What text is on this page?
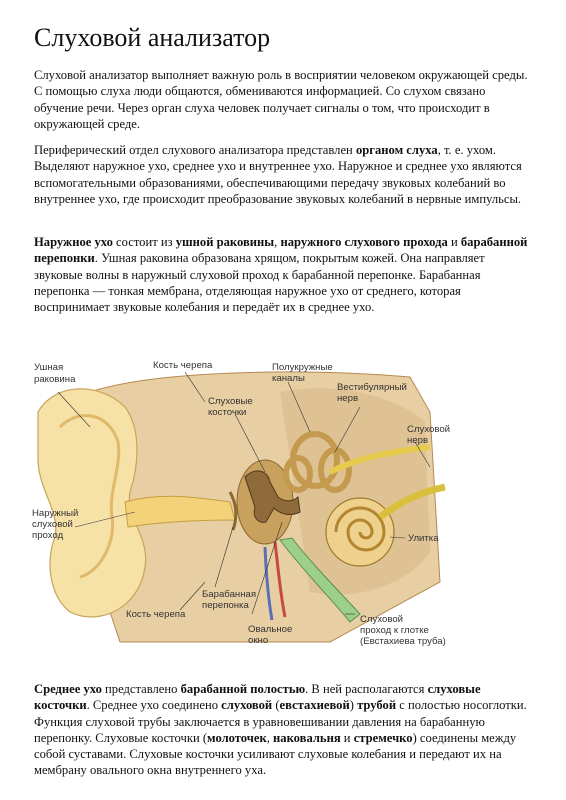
Слуховой анализатор

Слуховой анализатор выполняет важную роль в восприятии человеком окружающей среды. С помощью слуха люди общаются, обмениваются информацией. Со слухом связано обучение речи. Через орган слуха человек получает сигналы о том, что происходит в окружающей среде.

Периферический отдел слухового анализатора представлен органом слуха, т. е. ухом. Выделяют наружное ухо, среднее ухо и внутреннее ухо. Наружное и среднее ухо являются вспомогательными образованиями, обеспечивающими передачу звуковых колебаний во внутреннее ухо, где происходит преобразование звуковых колебаний в нервные импульсы.

Наружное ухо состоит из ушной раковины, наружного слухового прохода и барабанной перепонки. Ушная раковина образована хрящом, покрытым кожей. Она направляет звуковые волны в наружный слуховой проход к барабанной перепонке. Барабанная перепонка — тонкая мембрана, отделяющая наружное ухо от среднего, которая воспринимает звуковые колебания и передаёт их в среднее ухо.

Ушная раковина
Кость черепа
Слуховые косточки
Полукружные каналы
Вестибулярный нерв
Слуховой нерв
Наружный слуховой проход	Улитка
Барабанная перепонка
Кость черепа
Овальное окно
Слуховой проход к глотке (Евстахиева труба)

Среднее ухо представлено барабанной полостью. В ней располагаются слуховые косточки. Среднее ухо соединено слуховой (евстахиевой) трубой с полостью носоглотки. Функция слуховой трубы заключается в уравновешивании давления на барабанную перепонку. Слуховые косточки (молоточек, наковальня и стремечко) соединены между собой суставами. Слуховые косточки усиливают слуховые колебания и передают их на мембрану овального окна внутреннего уха.
